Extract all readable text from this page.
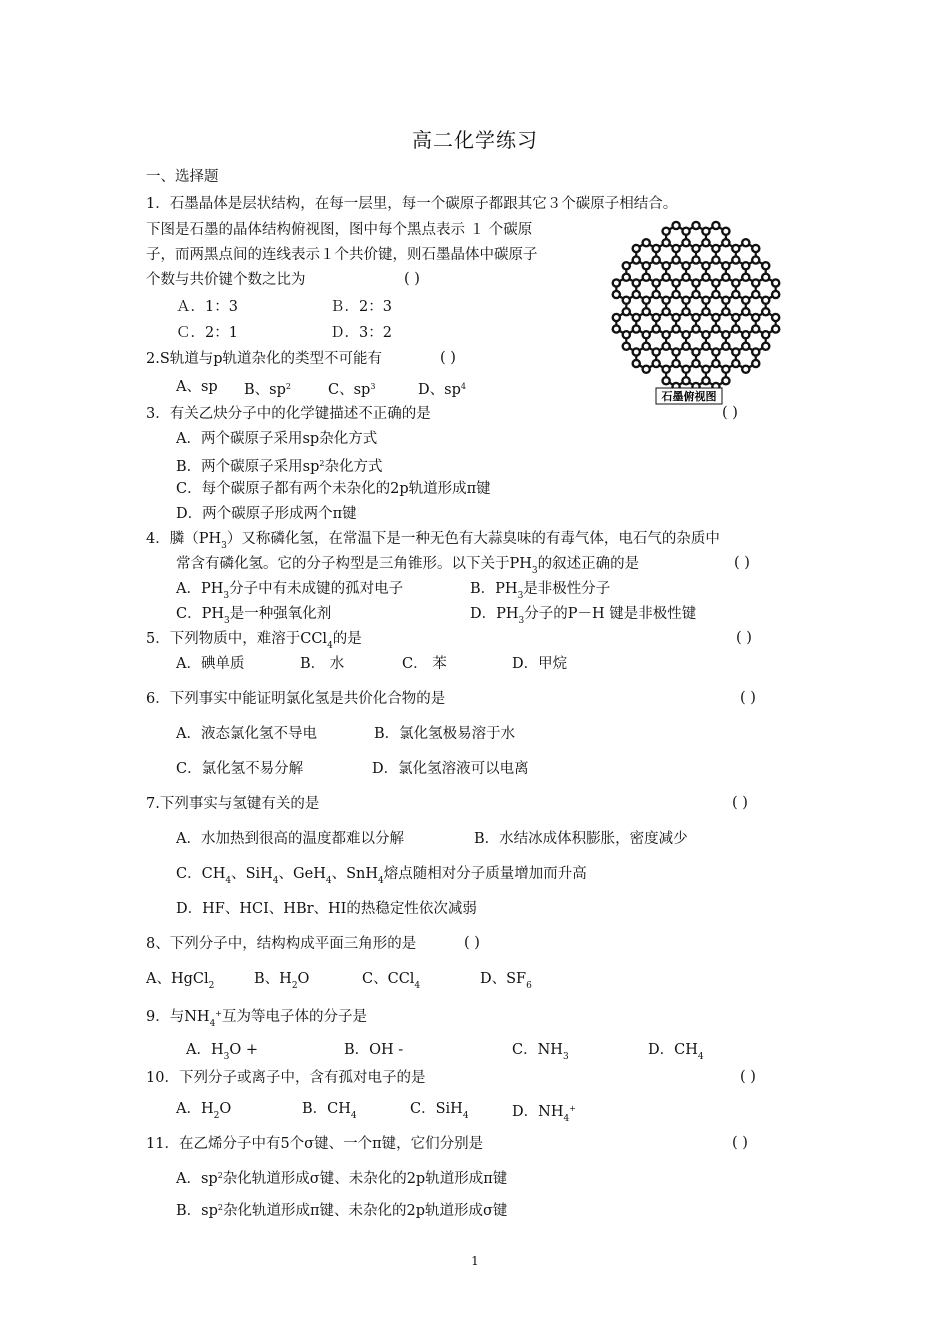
高二化学练习
一、选择题
1．石墨晶体是层状结构，在每一层里，每一个碳原子都跟其它３个碳原子相结合。
下图是石墨的晶体结构俯视图，图中每个黑点表示 １ 个碳原
子，而两黑点间的连线表示１个共价键，则石墨晶体中碳原子
个数与共价键个数之比为	( )
Ａ．1：3	Ｂ．2：3
Ｃ．2：1	Ｄ．3：2
石墨俯视图
2.S轨道与p轨道杂化的类型不可能有	( )
A、sp B、$sp^2$	C、$sp^3$	D、$sp^4$
3．有关乙炔分子中的化学键描述不正确的是	( )
A．两个碳原子采用sp杂化方式
B．两个碳原子采用$sp^2$杂化方式
C．每个碳原子都有两个未杂化的2p轨道形成π键
D．两个碳原子形成两个π键
4．膦$(PH_3)$又称磷化氢，在常温下是一种无色有大蒜臭味的有毒气体，电石气的杂质中
常含有磷化氢。它的分子构型是三角锥形。以下关于$PH_3$的叙述正确的是	( )
A．$PH_3$分子中有未成键的孤对电子	B．$PH_3$是非极性分子
C．$PH_3$是一种强氧化剂	D．$PH_3$分子的P－H 键是非极性键
5．下列物质中，难溶于CCl$_4$的是	( )
A．碘单质	B． 水	C． 苯	D．甲烷
6．下列事实中能证明氯化氢是共价化合物的是	( )
A．液态氯化氢不导电	B．氯化氢极易溶于水
C．氯化氢不易分解	D．氯化氢溶液可以电离
7.下列事实与氢键有关的是	( )
A．水加热到很高的温度都难以分解	B．水结冰成体积膨胀，密度减少
C．$CH_4$、SiH$_4$、GeH$_4$、SnH$_4$熔点随相对分子质量增加而升高
D．HF、HCI、HBr、HI的热稳定性依次减弱
8、下列分子中，结构构成平面三角形的是	( )
A、HgCl$_2$	B、$H_2O$	C、CCl$_4$	D、$SF_6$
9．与$NH_4^+$互为等电子体的分子是
A．$H_3O$ +	B．OH -	C．$NH_3$	D．$CH_4$
10．下列分子或离子中，含有孤对电子的是	( )
A．$H_2O$	B．$CH_4$	C．SiH$_4$	D．$NH_4^+$
11．在乙烯分子中有5个σ键、一个π键，它们分别是	( )
A．$sp^2$杂化轨道形成σ键、未杂化的2p轨道形成π键
B．$sp^2$杂化轨道形成π键、未杂化的2p轨道形成σ键
1
